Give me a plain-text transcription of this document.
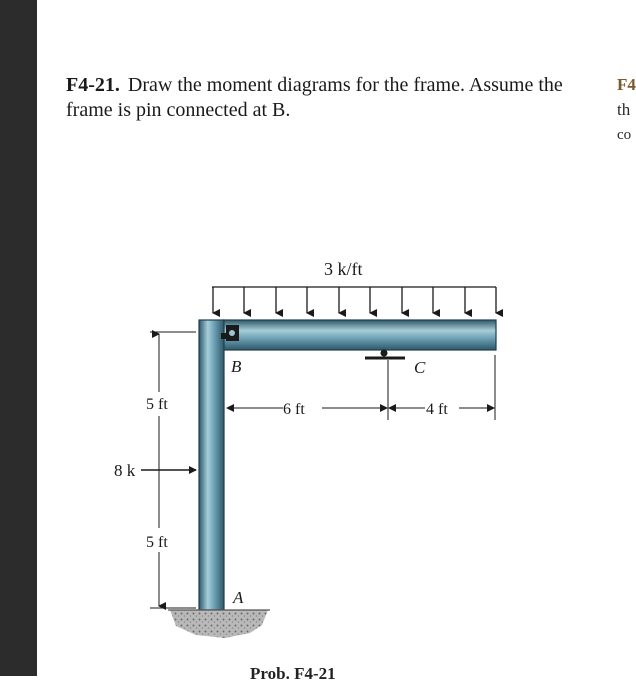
F4-21. Draw the moment diagrams for the frame. Assume the frame is pin connected at B.
F4
th
co
3 k/ft
B	C
A
6 ft	4 ft
5 ft
5 ft
8 k
Prob. F4-21
